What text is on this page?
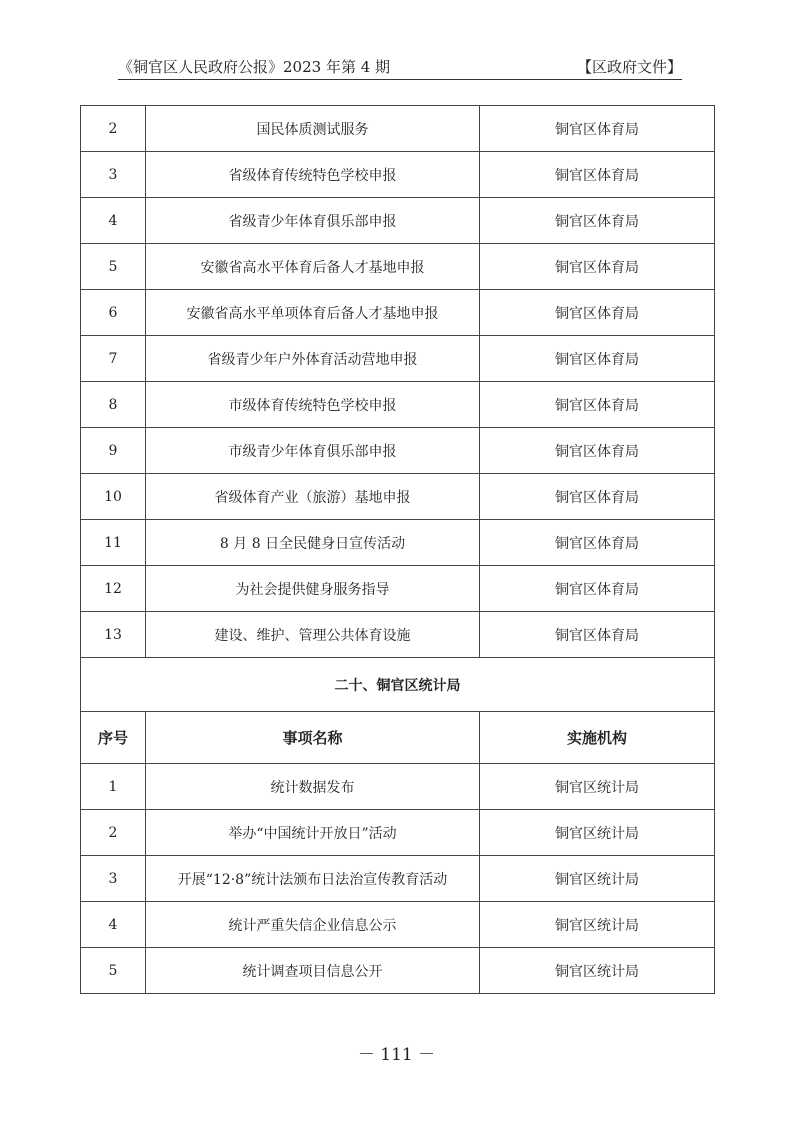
《铜官区人民政府公报》2023 年第 4 期	【区政府文件】
2	国民体质测试服务	铜官区体育局
3	省级体育传统特色学校申报	铜官区体育局
4	省级青少年体育俱乐部申报	铜官区体育局
5	安徽省高水平体育后备人才基地申报	铜官区体育局
6	安徽省高水平单项体育后备人才基地申报	铜官区体育局
7	省级青少年户外体育活动营地申报	铜官区体育局
8	市级体育传统特色学校申报	铜官区体育局
9	市级青少年体育俱乐部申报	铜官区体育局
10	省级体育产业（旅游）基地申报	铜官区体育局
11	8 月 8 日全民健身日宣传活动	铜官区体育局
12	为社会提供健身服务指导	铜官区体育局
13	建设、维护、管理公共体育设施	铜官区体育局
二十、铜官区统计局		
序号	事项名称	实施机构
1	统计数据发布	铜官区统计局
2	举办“中国统计开放日”活动	铜官区统计局
3	开展“12·8”统计法颁布日法治宣传教育活动	铜官区统计局
4	统计严重失信企业信息公示	铜官区统计局
5	统计调查项目信息公开	铜官区统计局
－ 111 －
